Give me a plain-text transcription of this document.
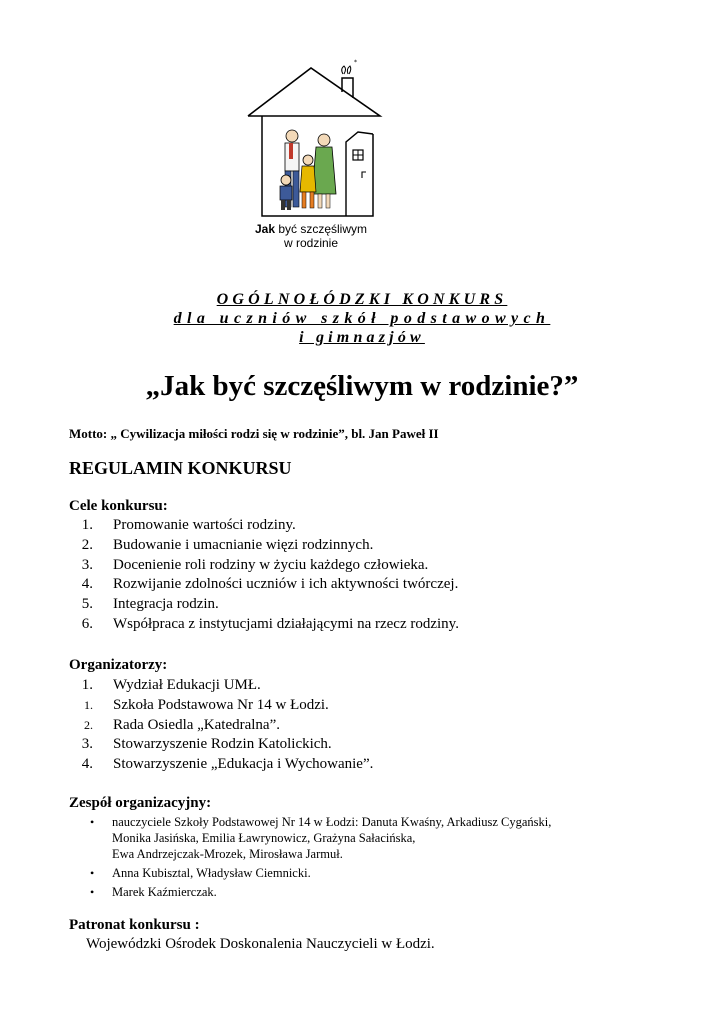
*
Jak być szczęśliwym
w rodzinie
OGÓLNOŁÓDZKI KONKURS
dla uczniów szkół podstawowych
i gimnazjów
„Jak być szczęśliwym w rodzinie?”
Motto: „ Cywilizacja miłości rodzi się w rodzinie”, bl. Jan Paweł II
REGULAMIN KONKURSU
Cele konkursu:
1. Promowanie wartości rodziny.
2. Budowanie i umacnianie więzi rodzinnych.
3. Docenienie roli rodziny w życiu każdego człowieka.
4. Rozwijanie zdolności uczniów i ich aktywności twórczej.
5. Integracja rodzin.
6. Współpraca z instytucjami działającymi na rzecz rodziny.
Organizatorzy:
1. Wydział Edukacji UMŁ.
1. Szkoła Podstawowa Nr 14 w Łodzi.
2. Rada Osiedla „Katedralna”.
3. Stowarzyszenie Rodzin Katolickich.
4. Stowarzyszenie „Edukacja i Wychowanie”.
Zespół organizacyjny:
• nauczyciele Szkoły Podstawowej Nr 14 w Łodzi: Danuta Kwaśny, Arkadiusz Cygański,
Monika Jasińska, Emilia Ławrynowicz, Grażyna Sałacińska,
Ewa Andrzejczak-Mrozek, Mirosława Jarmuł.
• Anna Kubisztal, Władysław Ciemnicki.
• Marek Kaźmierczak.
Patronat konkursu :
Wojewódzki Ośrodek Doskonalenia Nauczycieli w Łodzi.
